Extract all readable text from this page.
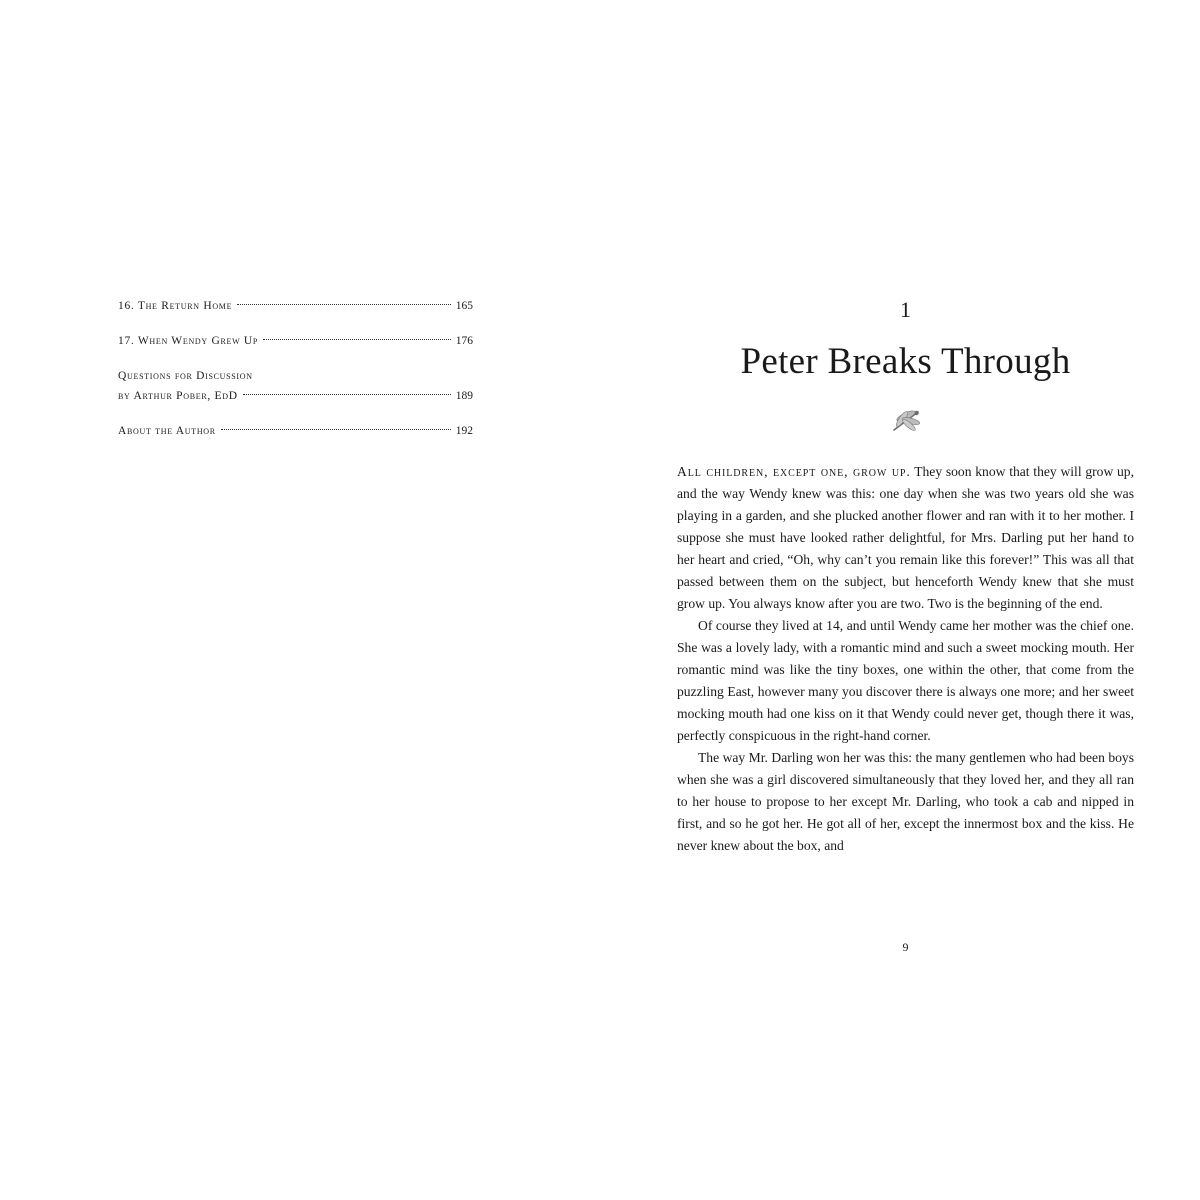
16. The Return Home	165
17. When Wendy Grew Up	176
Questions for Discussion
by Arthur Pober, EdD	189
About the Author	192
1
Peter Breaks Through

All children, except one, grow up. They soon know that they will grow up, and the way Wendy knew was this: one day when she was two years old she was playing in a garden, and she plucked another flower and ran with it to her mother. I suppose she must have looked rather delightful, for Mrs. Darling put her hand to her heart and cried, “Oh, why can’t you remain like this forever!” This was all that passed between them on the subject, but henceforth Wendy knew that she must grow up. You always know after you are two. Two is the beginning of the end.

Of course they lived at 14, and until Wendy came her mother was the chief one. She was a lovely lady, with a romantic mind and such a sweet mocking mouth. Her romantic mind was like the tiny boxes, one within the other, that come from the puzzling East, however many you discover there is always one more; and her sweet mocking mouth had one kiss on it that Wendy could never get, though there it was, perfectly conspicuous in the right-hand corner.

The way Mr. Darling won her was this: the many gentlemen who had been boys when she was a girl discovered simultaneously that they loved her, and they all ran to her house to propose to her except Mr. Darling, who took a cab and nipped in first, and so he got her. He got all of her, except the innermost box and the kiss. He never knew about the box, and

9
